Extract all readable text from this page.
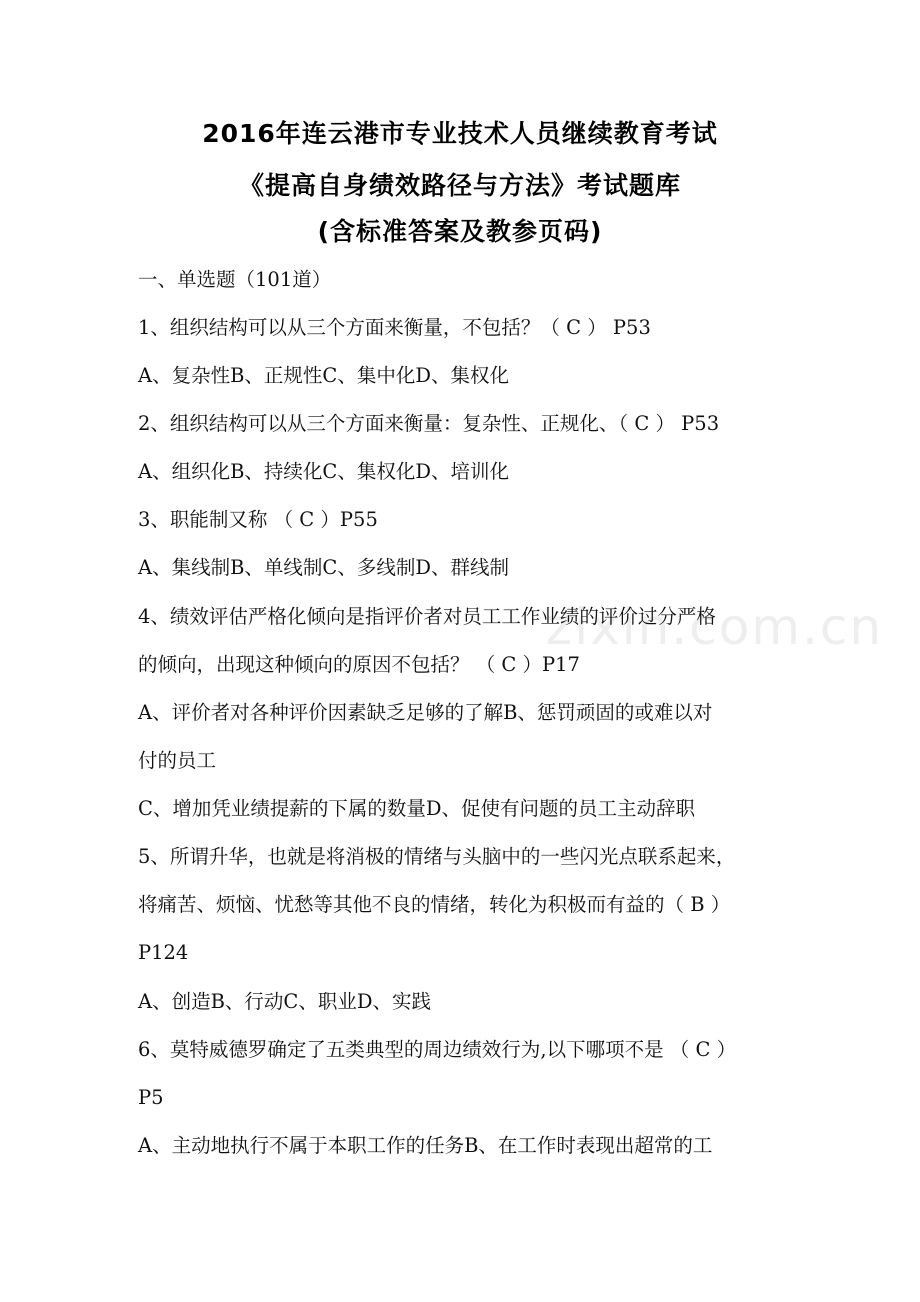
2016年连云港市专业技术人员继续教育考试
《提高自身绩效路径与方法》考试题库
(含标准答案及教参页码)
zixin.com.cn
一、单选题（101道）
1、组织结构可以从三个方面来衡量，不包括？（ C ） P53
A、复杂性B、正规性C、集中化D、集权化
2、组织结构可以从三个方面来衡量：复杂性、正规化、（ C ） P53
A、组织化B、持续化C、集权化D、培训化
3、职能制又称 （ C ）P55
A、集线制B、单线制C、多线制D、群线制
4、绩效评估严格化倾向是指评价者对员工工作业绩的评价过分严格
的倾向，出现这种倾向的原因不包括？ （ C ）P17
A、评价者对各种评价因素缺乏足够的了解B、惩罚顽固的或难以对
付的员工
C、增加凭业绩提薪的下属的数量D、促使有问题的员工主动辞职
5、所谓升华，也就是将消极的情绪与头脑中的一些闪光点联系起来，
将痛苦、烦恼、忧愁等其他不良的情绪，转化为积极而有益的（ B ）
P124
A、创造B、行动C、职业D、实践
6、莫特威德罗确定了五类典型的周边绩效行为,以下哪项不是 （ C ）
P5
A、主动地执行不属于本职工作的任务B、在工作时表现出超常的工
